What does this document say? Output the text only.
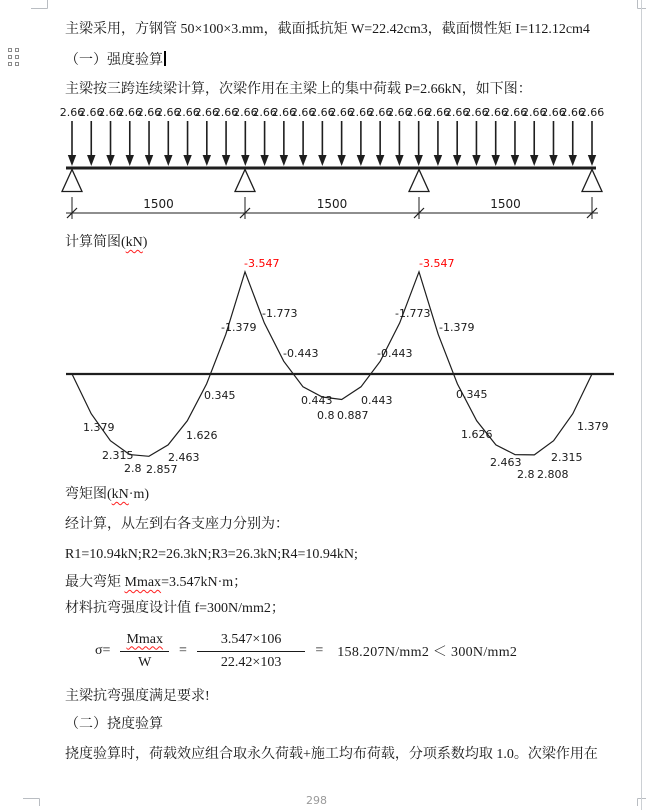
主梁采用，方钢管 50×100×3.mm，截面抵抗矩 W=22.42cm3，截面惯性矩 I=112.12cm4
（一）强度验算
主梁按三跨连续梁计算，次梁作用在主梁上的集中荷载 P=2.66kN，如下图：
计算简图(kN)
弯矩图(kN·m)
经计算，从左到右各支座力分别为：
R1=10.94kN;R2=26.3kN;R3=26.3kN;R4=10.94kN;
最大弯矩 Mmax=3.547kN·m；
材料抗弯强度设计值 f=300N/mm2；
$\sigma= \frac{Mmax}{W} = \frac{3.547\times 106}{22.42\times 103} = 158.207N/mm2 < 300N/mm2$
主梁抗弯强度满足要求!
（二）挠度验算
挠度验算时，荷载效应组合取永久荷载+施工均布荷载，分项系数均取 1.0。次梁作用在
2.66
2.66
2.66
2.66
2.66
2.66
2.66
2.66
2.66
2.66
2.66
2.66
2.66
2.66
2.66
2.66
2.66
2.66
2.66
2.66
2.66
2.66
2.66
2.66
2.66
2.66
2.66
2.66
1500	1500	1500
1.379
2.315
2.8 2.857
2.463
1.626
0.345
-1.379
-3.547
-1.773
-0.443
0.443
0.8 0.887
0.443
-0.443
-1.773
-3.547
-1.379
0.345
1.626
2.463
2.8 2.808
2.315
1.379
298
